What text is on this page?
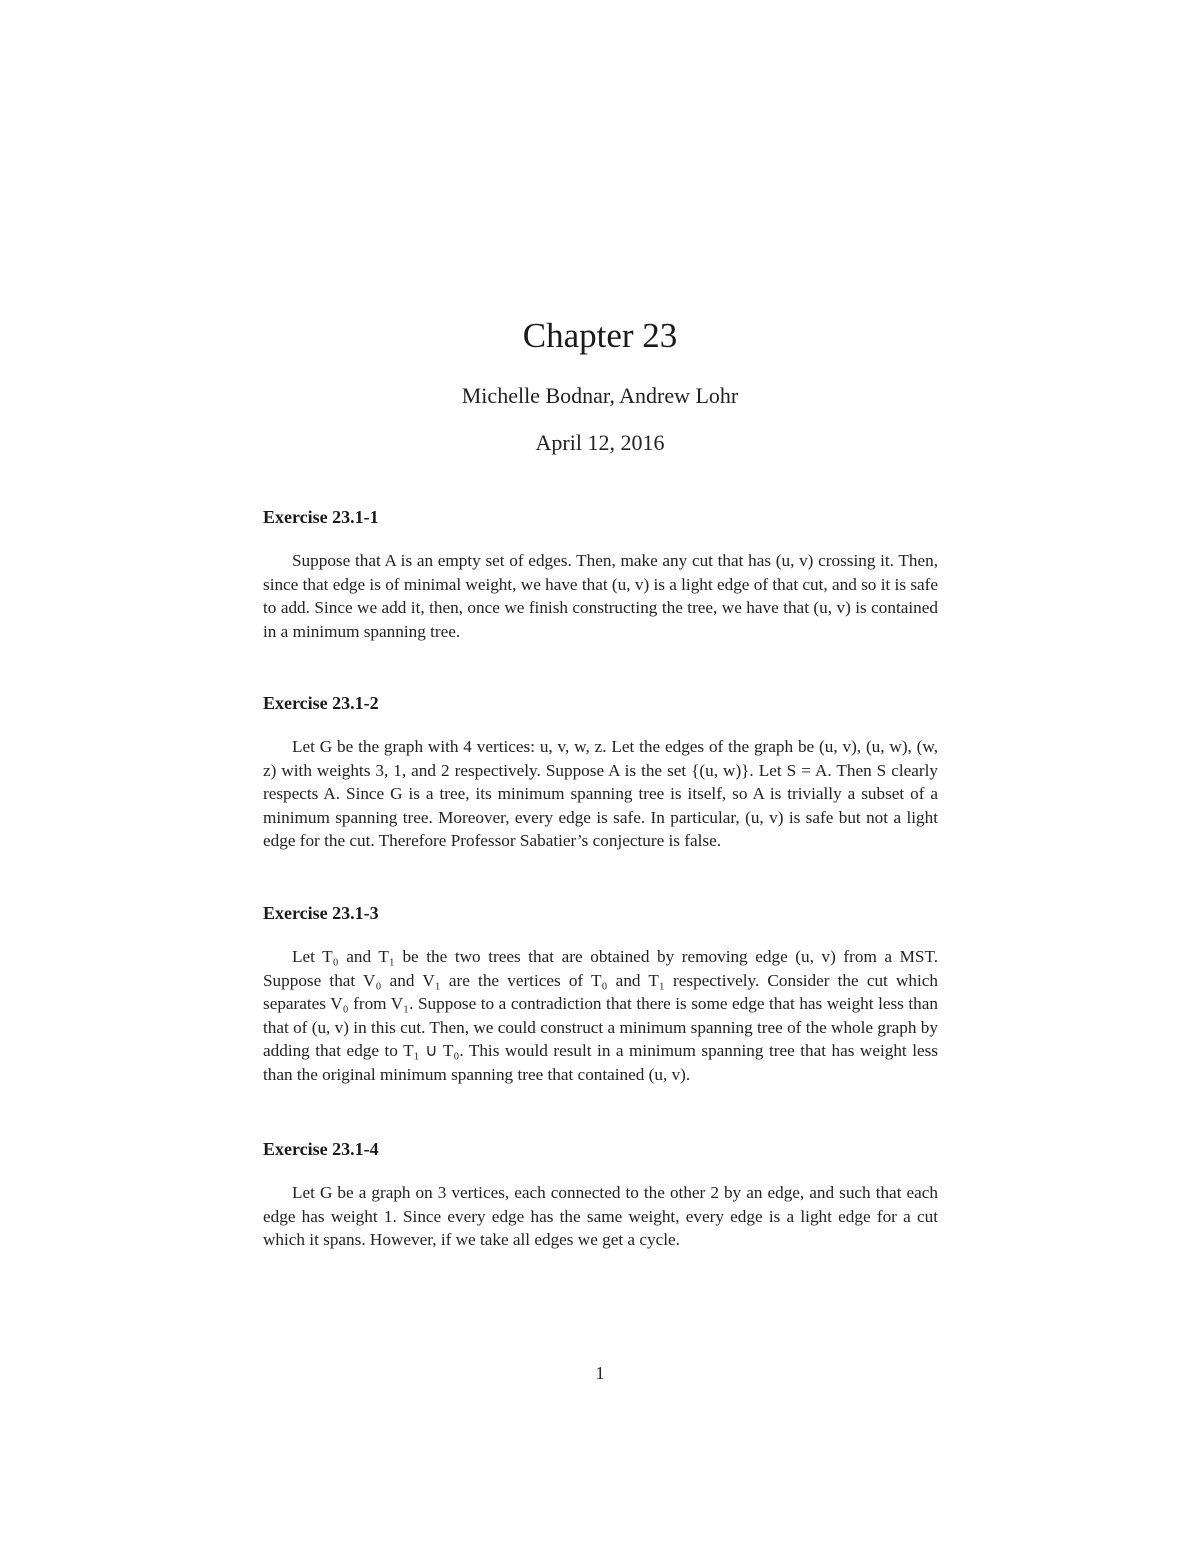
Chapter 23
Michelle Bodnar, Andrew Lohr
April 12, 2016
Exercise 23.1-1

Suppose that A is an empty set of edges. Then, make any cut that has (u, v) crossing it. Then, since that edge is of minimal weight, we have that (u, v) is a light edge of that cut, and so it is safe to add. Since we add it, then, once we finish constructing the tree, we have that (u, v) is contained in a minimum spanning tree.

Exercise 23.1-2

Let G be the graph with 4 vertices: u, v, w, z. Let the edges of the graph be (u, v), (u, w), (w, z) with weights 3, 1, and 2 respectively. Suppose A is the set {(u, w)}. Let S = A. Then S clearly respects A. Since G is a tree, its minimum spanning tree is itself, so A is trivially a subset of a minimum spanning tree. Moreover, every edge is safe. In particular, (u, v) is safe but not a light edge for the cut. Therefore Professor Sabatier’s conjecture is false.

Exercise 23.1-3

Let T₀ and T₁ be the two trees that are obtained by removing edge (u, v) from a MST. Suppose that V₀ and V₁ are the vertices of T₀ and T₁ respectively. Consider the cut which separates V₀ from V₁. Suppose to a contradiction that there is some edge that has weight less than that of (u, v) in this cut. Then, we could construct a minimum spanning tree of the whole graph by adding that edge to T₁ ∪ T₀. This would result in a minimum spanning tree that has weight less than the original minimum spanning tree that contained (u, v).

Exercise 23.1-4

Let G be a graph on 3 vertices, each connected to the other 2 by an edge, and such that each edge has weight 1. Since every edge has the same weight, every edge is a light edge for a cut which it spans. However, if we take all edges we get a cycle.

1
